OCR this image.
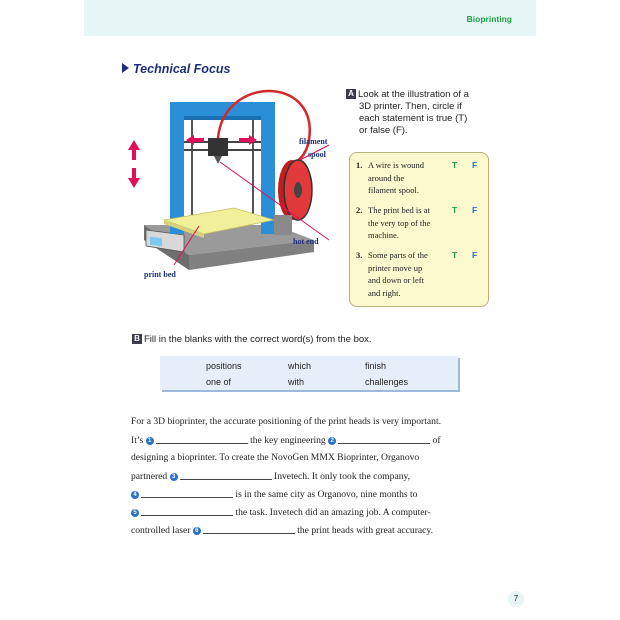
Bioprinting
Technical Focus
filament
spool
hot end
print bed
A Look at the illustration of a
3D printer. Then, circle if
each statement is true (T)
or false (F).
1. A wire is wound
around the
filament spool.
T F
2. The print bed is at
the very top of the
machine.
T F
3. Some parts of the
printer move up
and down or left
and right.
T F
B Fill in the blanks with the correct word(s) from the box.
positions	which	finish
one of	with	challenges
For a 3D bioprinter, the accurate positioning of the print heads is very important.
It’s 1	the key engineering 2	of
designing a bioprinter. To create the NovoGen MMX Bioprinter, Organovo
partnered 3	Invetech. It only took the company,
4	is in the same city as Organovo, nine months to
5	the task. Invetech did an amazing job. A computer-
controlled laser 6	the print heads with great accuracy.
7
